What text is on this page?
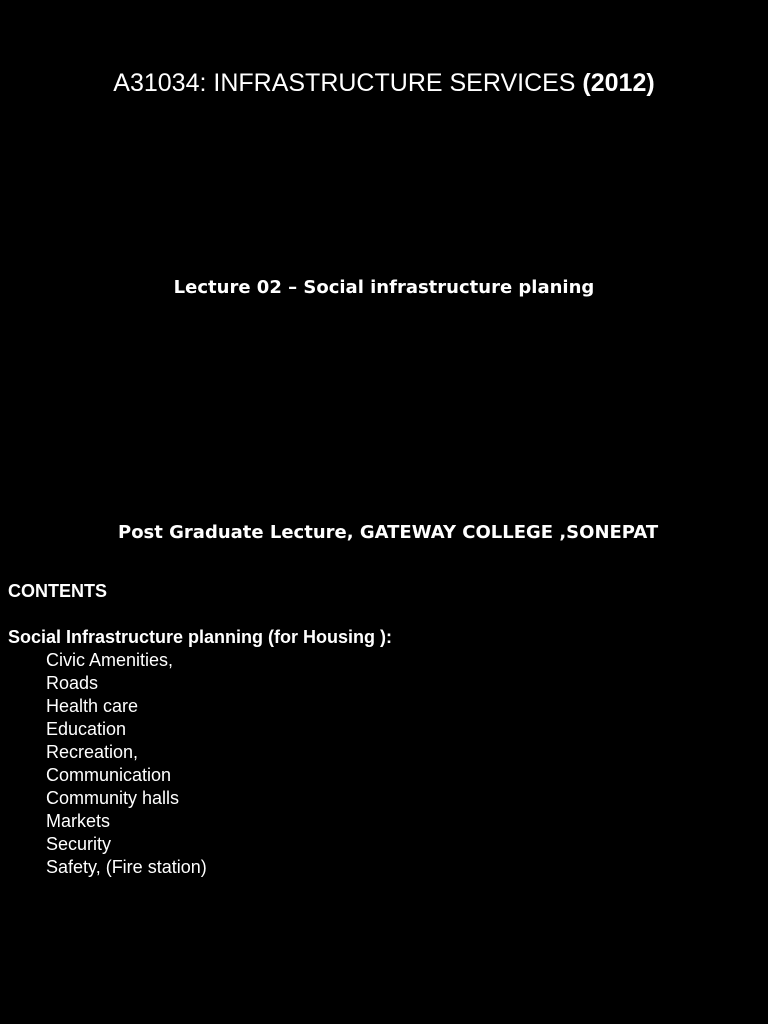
A31034: INFRASTRUCTURE SERVICES (2012)
Lecture 02 – Social infrastructure planing
Post Graduate Lecture, GATEWAY COLLEGE ,SONEPAT
CONTENTS
Social Infrastructure planning (for Housing ):
Civic Amenities,
Roads
Health care
Education
Recreation,
Communication
Community halls
Markets
Security
Safety, (Fire station)
